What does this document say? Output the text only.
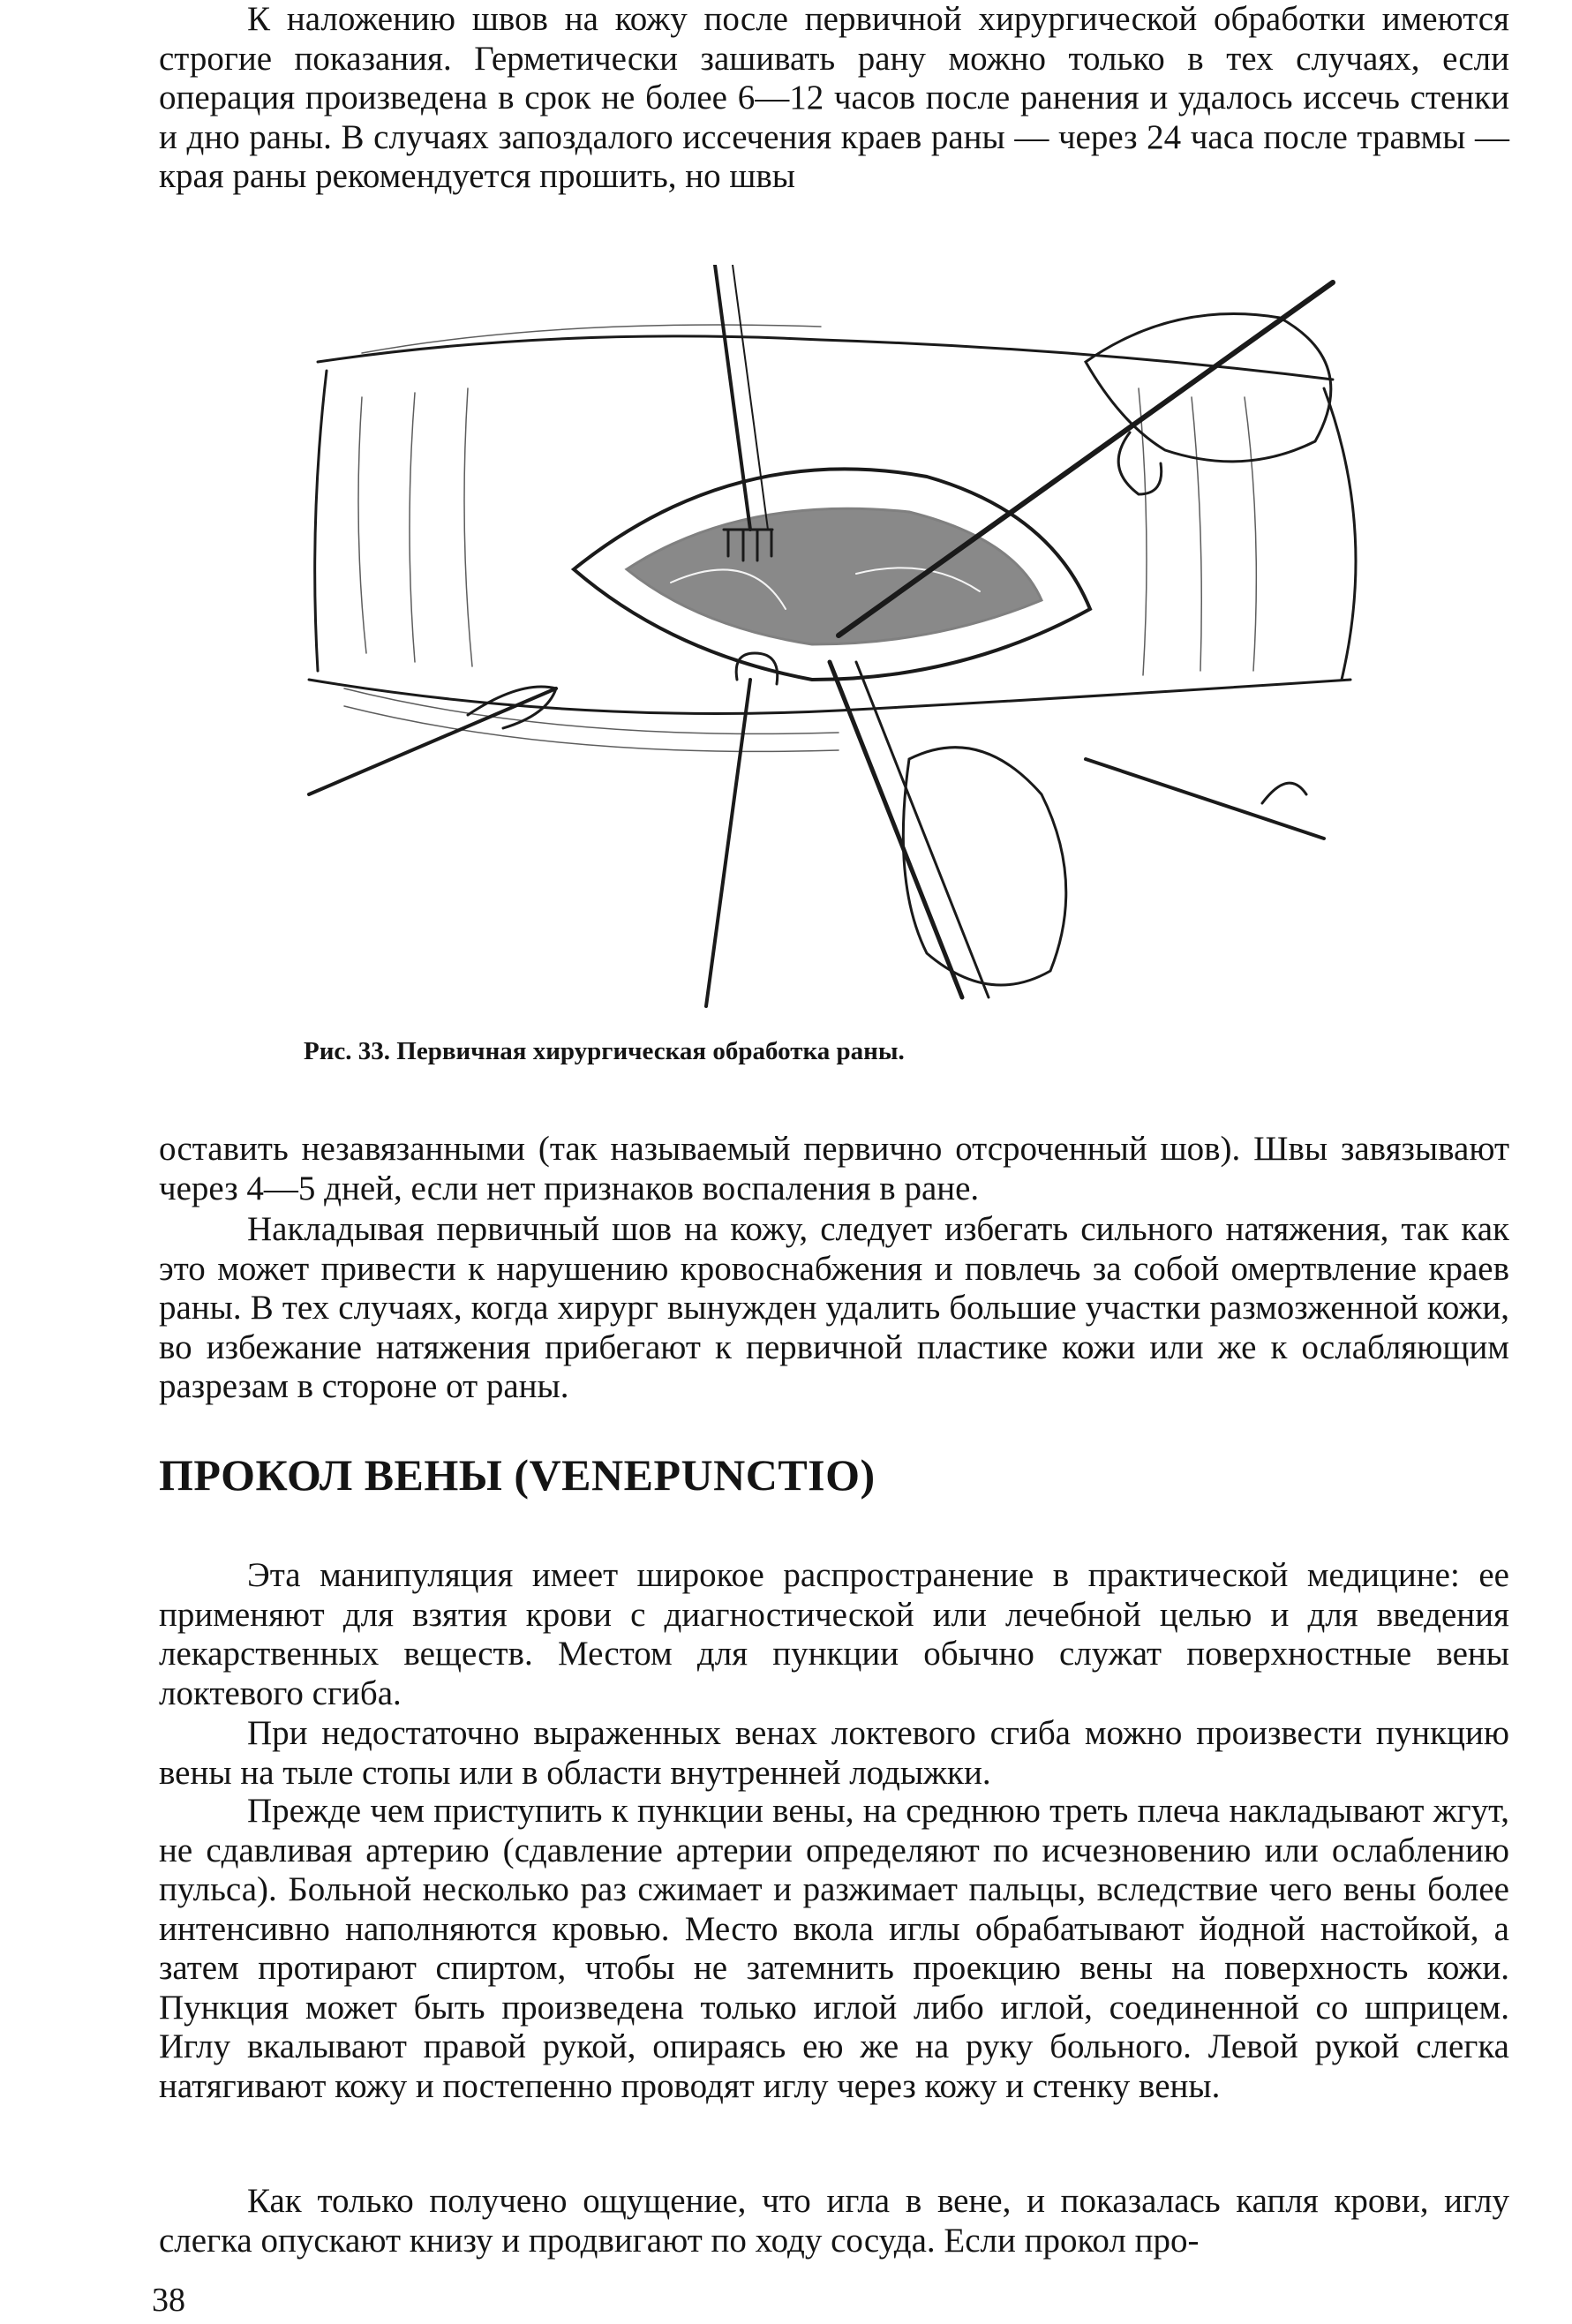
К наложению швов на кожу после первичной хирургической обработки имеются строгие показания. Герметически зашивать рану можно только в тех случаях, если операция произведена в срок не более 6—12 часов после ранения и удалось иссечь стенки и дно раны. В случаях запоздалого иссечения краев раны — через 24 часа после травмы — края раны рекомендуется прошить, но швы

Рис. 33. Первичная хирургическая обработка раны.

оставить незавязанными (так называемый первично отсроченный шов). Швы завязывают через 4—5 дней, если нет признаков воспаления в ране.

Накладывая первичный шов на кожу, следует избегать сильного натяжения, так как это может привести к нарушению кровоснабжения и повлечь за собой омертвление краев раны. В тех случаях, когда хирург вынужден удалить большие участки размозженной кожи, во избежание натяжения прибегают к первичной пластике кожи или же к ослабляющим разрезам в стороне от раны.

ПРОКОЛ ВЕНЫ (VENEPUNCTIO)

Эта манипуляция имеет широкое распространение в практической медицине: ее применяют для взятия крови с диагностической или лечебной целью и для введения лекарственных веществ. Местом для пункции обычно служат поверхностные вены локтевого сгиба.

При недостаточно выраженных венах локтевого сгиба можно произвести пункцию вены на тыле стопы или в области внутренней лодыжки.

Прежде чем приступить к пункции вены, на среднюю треть плеча накладывают жгут, не сдавливая артерию (сдавление артерии определяют по исчезновению или ослаблению пульса). Больной несколько раз сжимает и разжимает пальцы, вследствие чего вены более интенсивно наполняются кровью. Место вкола иглы обрабатывают йодной настойкой, а затем протирают спиртом, чтобы не затемнить проекцию вены на поверхность кожи. Пункция может быть произведена только иглой либо иглой, соединенной со шприцем. Иглу вкалывают правой рукой, опираясь ею же на руку больного. Левой рукой слегка натягивают кожу и постепенно проводят иглу через кожу и стенку вены.

Как только получено ощущение, что игла в вене, и показалась капля крови, иглу слегка опускают книзу и продвигают по ходу сосуда. Если прокол про-

38
